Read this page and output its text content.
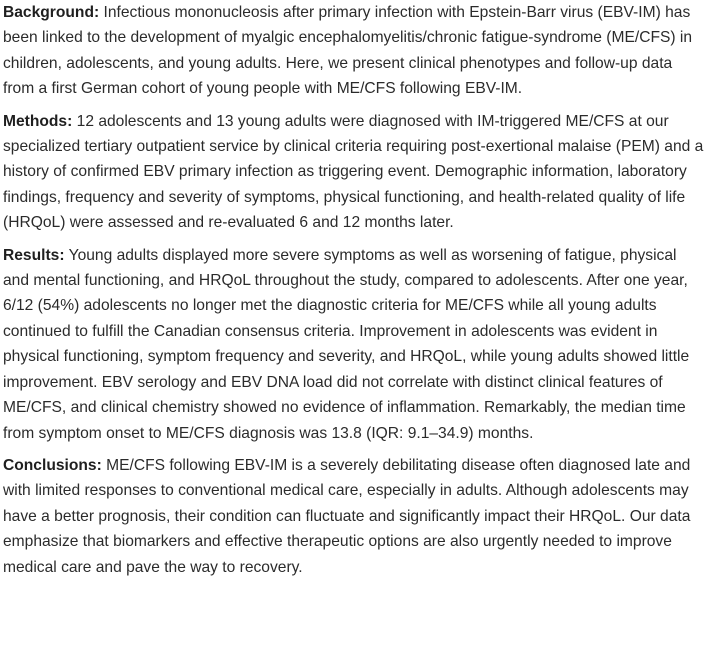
Background: Infectious mononucleosis after primary infection with Epstein-Barr virus (EBV-IM) has been linked to the development of myalgic encephalomyelitis/chronic fatigue-syndrome (ME/CFS) in children, adolescents, and young adults. Here, we present clinical phenotypes and follow-up data from a first German cohort of young people with ME/CFS following EBV-IM.

Methods: 12 adolescents and 13 young adults were diagnosed with IM-triggered ME/CFS at our specialized tertiary outpatient service by clinical criteria requiring post-exertional malaise (PEM) and a history of confirmed EBV primary infection as triggering event. Demographic information, laboratory findings, frequency and severity of symptoms, physical functioning, and health-related quality of life (HRQoL) were assessed and re-evaluated 6 and 12 months later.

Results: Young adults displayed more severe symptoms as well as worsening of fatigue, physical and mental functioning, and HRQoL throughout the study, compared to adolescents. After one year, 6/12 (54%) adolescents no longer met the diagnostic criteria for ME/CFS while all young adults continued to fulfill the Canadian consensus criteria. Improvement in adolescents was evident in physical functioning, symptom frequency and severity, and HRQoL, while young adults showed little improvement. EBV serology and EBV DNA load did not correlate with distinct clinical features of ME/CFS, and clinical chemistry showed no evidence of inflammation. Remarkably, the median time from symptom onset to ME/CFS diagnosis was 13.8 (IQR: 9.1–34.9) months.

Conclusions: ME/CFS following EBV-IM is a severely debilitating disease often diagnosed late and with limited responses to conventional medical care, especially in adults. Although adolescents may have a better prognosis, their condition can fluctuate and significantly impact their HRQoL. Our data emphasize that biomarkers and effective therapeutic options are also urgently needed to improve medical care and pave the way to recovery.
